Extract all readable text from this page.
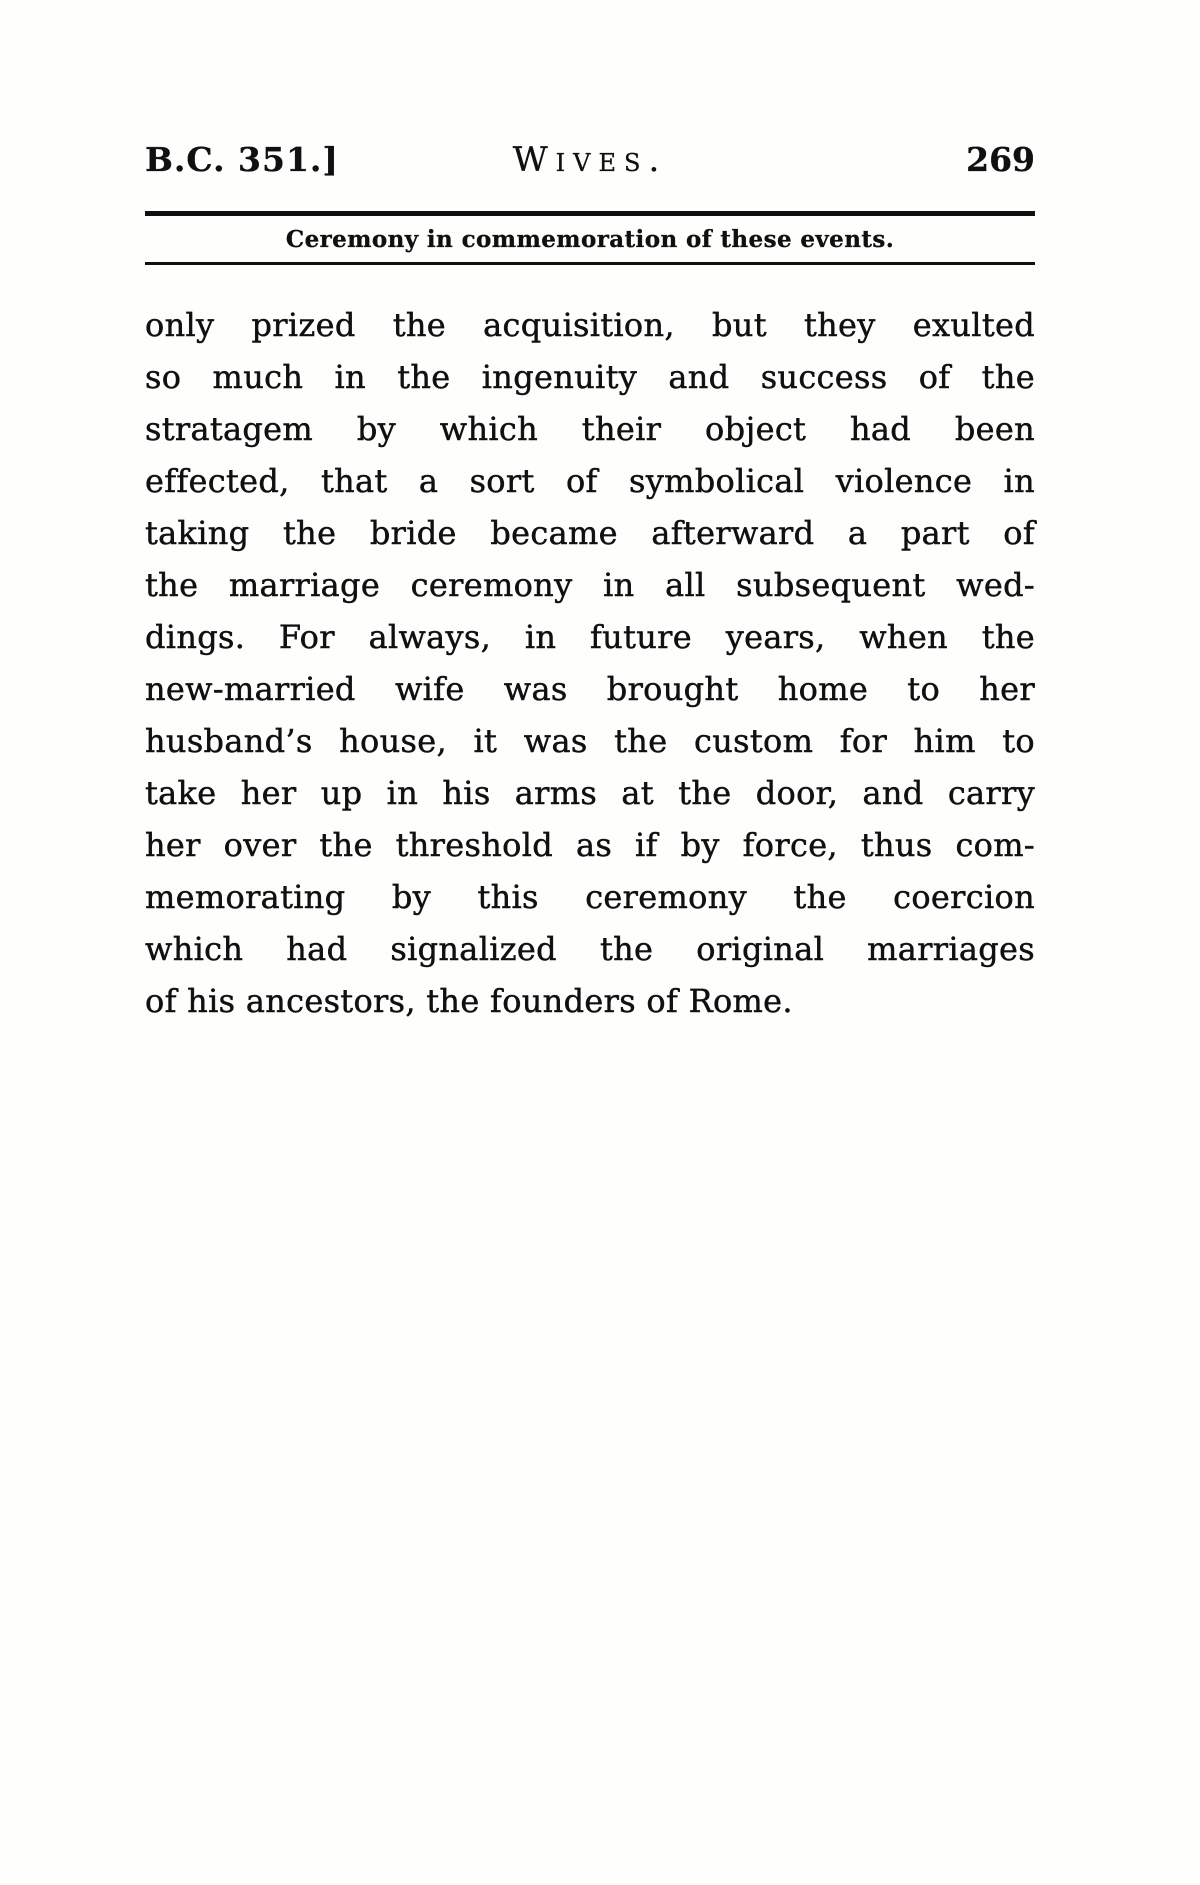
B.C. 351.]	Wives.	269
Ceremony in commemoration of these events.
only prized the acquisition, but they exulted
so much in the ingenuity and success of the
stratagem by which their object had been
effected, that a sort of symbolical violence in
taking the bride became afterward a part of
the marriage ceremony in all subsequent wed-
dings. For always, in future years, when the
new-married wife was brought home to her
husband’s house, it was the custom for him to
take her up in his arms at the door, and carry
her over the threshold as if by force, thus com-
memorating by this ceremony the coercion
which had signalized the original marriages
of his ancestors, the founders of Rome.
